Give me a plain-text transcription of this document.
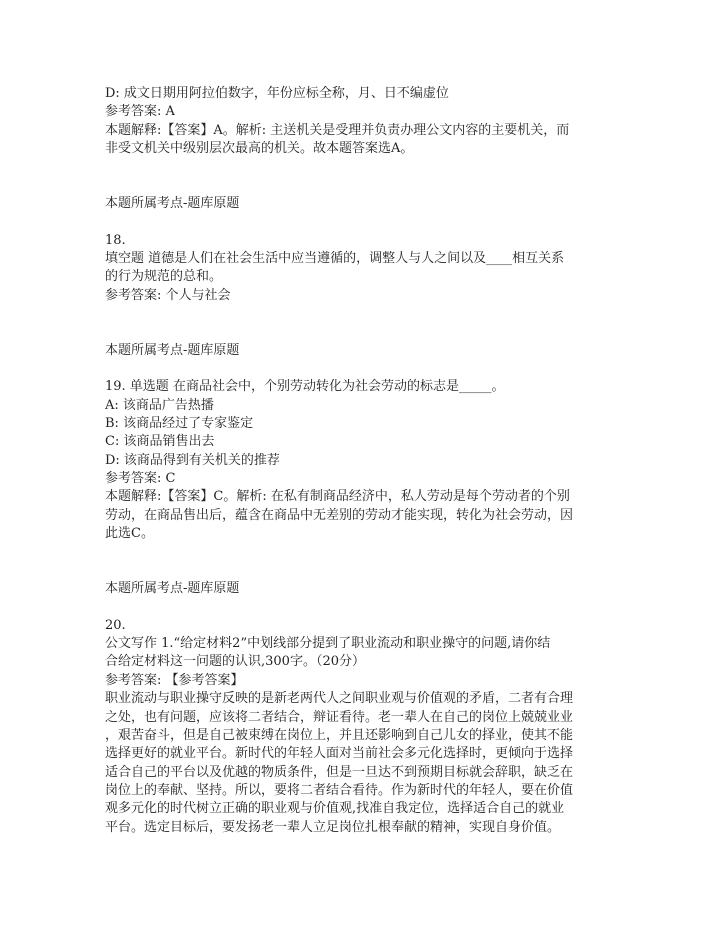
D: 成文日期用阿拉伯数字，年份应标全称，月、日不编虚位
参考答案: A
本题解释:【答案】A。解析: 主送机关是受理并负责办理公文内容的主要机关，而
非受文机关中级别层次最高的机关。故本题答案选A。
本题所属考点-题库原题
18.
填空题 道德是人们在社会生活中应当遵循的，调整人与人之间以及____相互关系
的行为规范的总和。
参考答案: 个人与社会
本题所属考点-题库原题
19. 单选题 在商品社会中，个别劳动转化为社会劳动的标志是_____。
A: 该商品广告热播
B: 该商品经过了专家鉴定
C: 该商品销售出去
D: 该商品得到有关机关的推荐
参考答案: C
本题解释:【答案】C。解析: 在私有制商品经济中，私人劳动是每个劳动者的个别
劳动，在商品售出后，蕴含在商品中无差别的劳动才能实现，转化为社会劳动，因
此选C。
本题所属考点-题库原题
20.
公文写作 1.“给定材料2”中划线部分提到了职业流动和职业操守的问题,请你结
合给定材料这一问题的认识,300字。（20分）
参考答案: 【参考答案】
职业流动与职业操守反映的是新老两代人之间职业观与价值观的矛盾，二者有合理
之处，也有问题，应该将二者结合，辩证看待。老一辈人在自己的岗位上兢兢业业
，艰苦奋斗，但是自己被束缚在岗位上，并且还影响到自己儿女的择业，使其不能
选择更好的就业平台。新时代的年轻人面对当前社会多元化选择时，更倾向于选择
适合自己的平台以及优越的物质条件，但是一旦达不到预期目标就会辞职，缺乏在
岗位上的奉献、坚持。所以，要将二者结合看待。作为新时代的年轻人，要在价值
观多元化的时代树立正确的职业观与价值观,找准自我定位，选择适合自己的就业
平台。选定目标后，要发扬老一辈人立足岗位扎根奉献的精神，实现自身价值。
